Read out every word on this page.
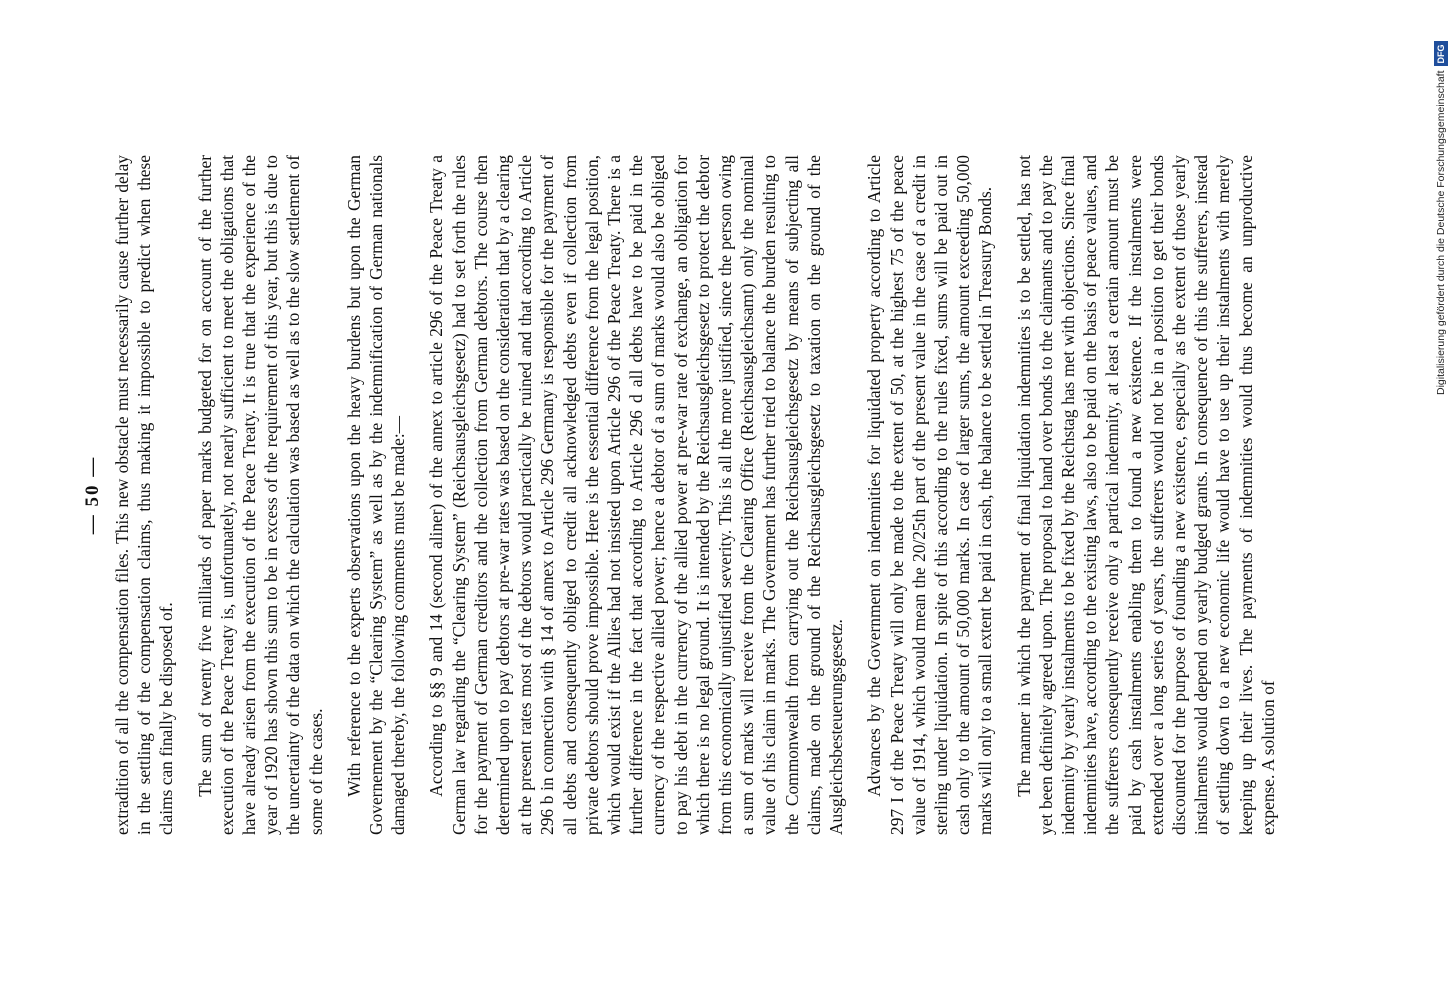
— 50 — extradition of all the compensation files. This new obstacle must necessarily cause further delay in the settling of the compensation claims, thus making it impossible to predict when these claims can finally be disposed of. The sum of twenty five milliards of paper marks budgeted for on account of the further execution of the Peace Treaty is, unfortunately, not nearly sufficient to meet the obligations that have already arisen from the execution of the Peace Treaty. It is true that the experience of the year of 1920 has shown this sum to be in excess of the requirement of this year, but this is due to the uncertainty of the data on which the calculation was based as well as to the slow settlement of some of the cases. With reference to the experts observations upon the heavy burdens but upon the German Governement by the “Clearing System” as well as by the indemnification of German nationals damaged thereby, the following comments must be made:— According to §§ 9 and 14 (second aliner) of the annex to article 296 of the Peace Treaty a German law regarding the “Clearing System” (Reichsausgleichsgesetz) had to set forth the rules for the payment of German creditors and the collection from German debtors. The course then determined upon to pay debtors at pre-war rates was based on the consideration that by a clearing at the present rates most of the debtors would practically be ruined and that according to Article 296 b in connection with § 14 of annex to Article 296 Germany is responsible for the payment of all debts and consequently obliged to credit all acknowledged debts even if collection from private debtors should prove impossible. Here is the essential difference from the legal position, which would exist if the Allies had not insisted upon Article 296 of the Peace Treaty. There is a further difference in the fact that according to Article 296 d all debts have to be paid in the currency of the respective allied power; hence a debtor of a sum of marks would also be obliged to pay his debt in the currency of the allied power at pre-war rate of exchange, an obligation for which there is no legal ground. It is intended by the Reichsausgleichsgesetz to protect the debtor from this economically unjustified severity. This is all the more justified, since the person owing a sum of marks will receive from the Clearing Office (Reichsausgleichsamt) only the nominal value of his claim in marks. The Government has further tried to balance the burden resulting to the Commonwealth from carrying out the Reichsausgleichsgesetz by means of subjecting all claims, made on the ground of the Reichsausgleichsgesetz to taxation on the ground of the Ausgleichsbesteuerungsgesetz. Advances by the Government on indemnities for liquidated property according to Article 297 I of the Peace Treaty will only be made to the extent of 50, at the highest 75 of the peace value of 1914, which would mean the 20/25th part of the present value in the case of a credit in sterling under liquidation. In spite of this according to the rules fixed, sums will be paid out in cash only to the amount of 50,000 marks. In case of larger sums, the amount exceeding 50,000 marks will only to a small extent be paid in cash, the balance to be settled in Treasury Bonds. The manner in which the payment of final liquidation indemnities is to be settled, has not yet been definitely agreed upon. The proposal to hand over bonds to the claimants and to pay the indemnity by yearly instalments to be fixed by the Reichstag has met with objections. Since final indemnities have, according to the existing laws, also to be paid on the basis of peace values, and the sufferers consequently receive only a partical indemnity, at least a certain amount must be paid by cash instalments enabling them to found a new existence. If the instalments were extended over a long series of years, the sufferers would not be in a position to get their bonds discounted for the purpose of founding a new existence, especially as the extent of those yearly instalments would depend on yearly budged grants. In consequence of this the sufferers, instead of settling down to a new economic life would have to use up their instalments with merely keeping up their lives. The payments of indemnities would thus become an unproductive expense. A solution of

Digitalisierung gefördert durch die Deutsche ForschungsgemeinschaftDFG
